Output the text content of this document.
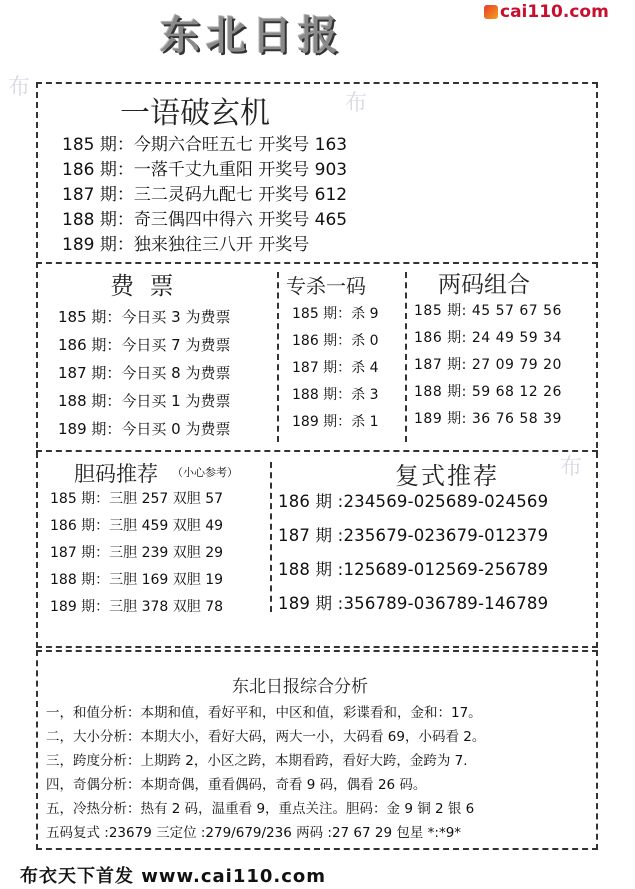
东北日报
cai110.com
布
布
布
一语破玄机
185 期：今期六合旺五七 开奖号 163
186 期：一落千丈九重阳 开奖号 903
187 期：三二灵码九配七 开奖号 612
188 期：奇三偶四中得六 开奖号 465
189 期：独来独往三八开 开奖号
费 票
185 期：今日买 3 为费票
186 期：今日买 7 为费票
187 期：今日买 8 为费票
188 期：今日买 1 为费票
189 期：今日买 0 为费票
专杀一码
185 期：杀 9
186 期：杀 0
187 期：杀 4
188 期：杀 3
189 期：杀 1
两码组合
185 期: 45 57 67 56
186 期: 24 49 59 34
187 期: 27 09 79 20
188 期: 59 68 12 26
189 期: 36 76 58 39
胆码推荐 （小心参考）
185 期：三胆 257 双胆 57
186 期：三胆 459 双胆 49
187 期：三胆 239 双胆 29
188 期：三胆 169 双胆 19
189 期：三胆 378 双胆 78
复式推荐
186 期 :234569-025689-024569
187 期 :235679-023679-012379
188 期 :125689-012569-256789
189 期 :356789-036789-146789
东北日报综合分析
一，和值分析：本期和值，看好平和，中区和值，彩谍看和，金和：17。
二，大小分析：本期大小，看好大码，两大一小，大码看 69，小码看 2。
三，跨度分析：上期跨 2，小区之跨，本期看跨，看好大跨，金跨为 7.
四，奇偶分析：本期奇偶，重看偶码，奇看 9 码，偶看 26 码。
五，冷热分析：热有 2 码，温重看 9，重点关注。胆码：金 9 铜 2 银 6
五码复式 :23679 三定位 :279/679/236 两码 :27 67 29 包星 *:*9*
布衣天下首发 www.cai110.com
